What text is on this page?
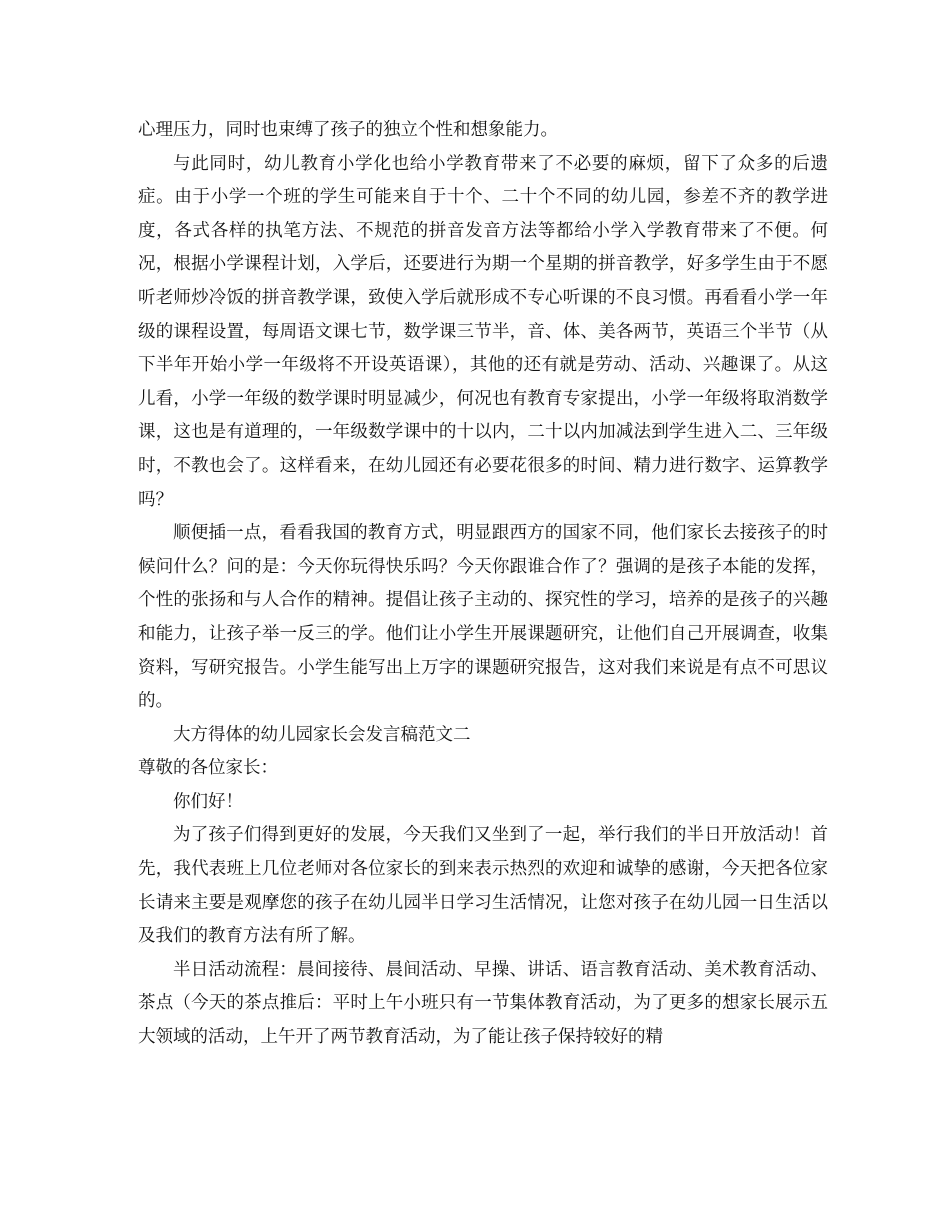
心理压力，同时也束缚了孩子的独立个性和想象能力。

与此同时，幼儿教育小学化也给小学教育带来了不必要的麻烦，留下了众多的后遗症。由于小学一个班的学生可能来自于十个、二十个不同的幼儿园，参差不齐的教学进度，各式各样的执笔方法、不规范的拼音发音方法等都给小学入学教育带来了不便。何况，根据小学课程计划，入学后，还要进行为期一个星期的拼音教学，好多学生由于不愿听老师炒冷饭的拼音教学课，致使入学后就形成不专心听课的不良习惯。再看看小学一年级的课程设置，每周语文课七节，数学课三节半，音、体、美各两节，英语三个半节（从下半年开始小学一年级将不开设英语课），其他的还有就是劳动、活动、兴趣课了。从这儿看，小学一年级的数学课时明显减少，何况也有教育专家提出，小学一年级将取消数学课，这也是有道理的，一年级数学课中的十以内，二十以内加减法到学生进入二、三年级时，不教也会了。这样看来，在幼儿园还有必要花很多的时间、精力进行数字、运算教学吗？

顺便插一点，看看我国的教育方式，明显跟西方的国家不同，他们家长去接孩子的时候问什么？问的是：今天你玩得快乐吗？今天你跟谁合作了？强调的是孩子本能的发挥，个性的张扬和与人合作的精神。提倡让孩子主动的、探究性的学习，培养的是孩子的兴趣和能力，让孩子举一反三的学。他们让小学生开展课题研究，让他们自己开展调查，收集资料，写研究报告。小学生能写出上万字的课题研究报告，这对我们来说是有点不可思议的。

大方得体的幼儿园家长会发言稿范文二

尊敬的各位家长：

你们好！

为了孩子们得到更好的发展，今天我们又坐到了一起，举行我们的半日开放活动！首先，我代表班上几位老师对各位家长的到来表示热烈的欢迎和诚挚的感谢，今天把各位家长请来主要是观摩您的孩子在幼儿园半日学习生活情况，让您对孩子在幼儿园一日生活以及我们的教育方法有所了解。

半日活动流程：晨间接待、晨间活动、早操、讲话、语言教育活动、美术教育活动、茶点（今天的茶点推后：平时上午小班只有一节集体教育活动，为了更多的想家长展示五大领域的活动，上午开了两节教育活动，为了能让孩子保持较好的精
